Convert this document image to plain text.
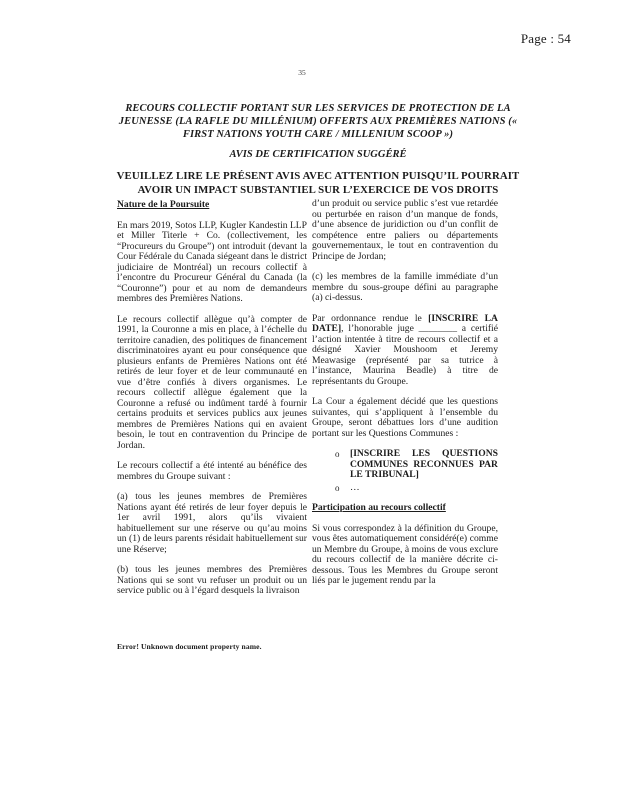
Page : 54
35

RECOURS COLLECTIF PORTANT SUR LES SERVICES DE PROTECTION DE LA JEUNESSE (LA RAFLE DU MILLÉNIUM) OFFERTS AUX PREMIÈRES NATIONS (« FIRST NATIONS YOUTH CARE / MILLENIUM SCOOP »)

AVIS DE CERTIFICATION SUGGÉRÉ

VEUILLEZ LIRE LE PRÉSENT AVIS AVEC ATTENTION PUISQU’IL POURRAIT AVOIR UN IMPACT SUBSTANTIEL SUR L’EXERCICE DE VOS DROITS

Nature de la Poursuite

En mars 2019, Sotos LLP, Kugler Kandestin LLP et Miller Titerle + Co. (collectivement, les “Procureurs du Groupe”) ont introduit (devant la Cour Fédérale du Canada siégeant dans le district judiciaire de Montréal) un recours collectif à l’encontre du Procureur Général du Canada (la “Couronne”) pour et au nom de demandeurs membres des Premières Nations.

Le recours collectif allègue qu’à compter de 1991, la Couronne a mis en place, à l’échelle du territoire canadien, des politiques de financement discriminatoires ayant eu pour conséquence que plusieurs enfants de Premières Nations ont été retirés de leur foyer et de leur communauté en vue d’être confiés à divers organismes. Le recours collectif allègue également que la Couronne a refusé ou indûment tardé à fournir certains produits et services publics aux jeunes membres de Premières Nations qui en avaient besoin, le tout en contravention du Principe de Jordan.

Le recours collectif a été intenté au bénéfice des membres du Groupe suivant :

(a) tous les jeunes membres de Premières Nations ayant été retirés de leur foyer depuis le 1er avril 1991, alors qu’ils vivaient habituellement sur une réserve ou qu’au moins un (1) de leurs parents résidait habituellement sur une Réserve;

(b) tous les jeunes membres des Premières Nations qui se sont vu refuser un produit ou un service public ou à l’égard desquels la livraison

d’un produit ou service public s’est vue retardée ou perturbée en raison d’un manque de fonds, d’une absence de juridiction ou d’un conflit de compétence entre paliers ou départements gouvernementaux, le tout en contravention du Principe de Jordan;

(c) les membres de la famille immédiate d’un membre du sous-groupe défini au paragraphe (a) ci-dessus.

Par ordonnance rendue le [INSCRIRE LA DATE], l’honorable juge ________ a certifié l’action intentée à titre de recours collectif et a désigné Xavier Moushoom et Jeremy Meawasige (représenté par sa tutrice à l’instance, Maurina Beadle) à titre de représentants du Groupe.

La Cour a également décidé que les questions suivantes, qui s’appliquent à l’ensemble du Groupe, seront débattues lors d’une audition portant sur les Questions Communes :

o	[INSCRIRE LES QUESTIONS COMMUNES RECONNUES PAR LE TRIBUNAL]
o	…

Participation au recours collectif

Si vous correspondez à la définition du Groupe, vous êtes automatiquement considéré(e) comme un Membre du Groupe, à moins de vous exclure du recours collectif de la manière décrite ci-dessous. Tous les Membres du Groupe seront liés par le jugement rendu par la

Error! Unknown document property name.
